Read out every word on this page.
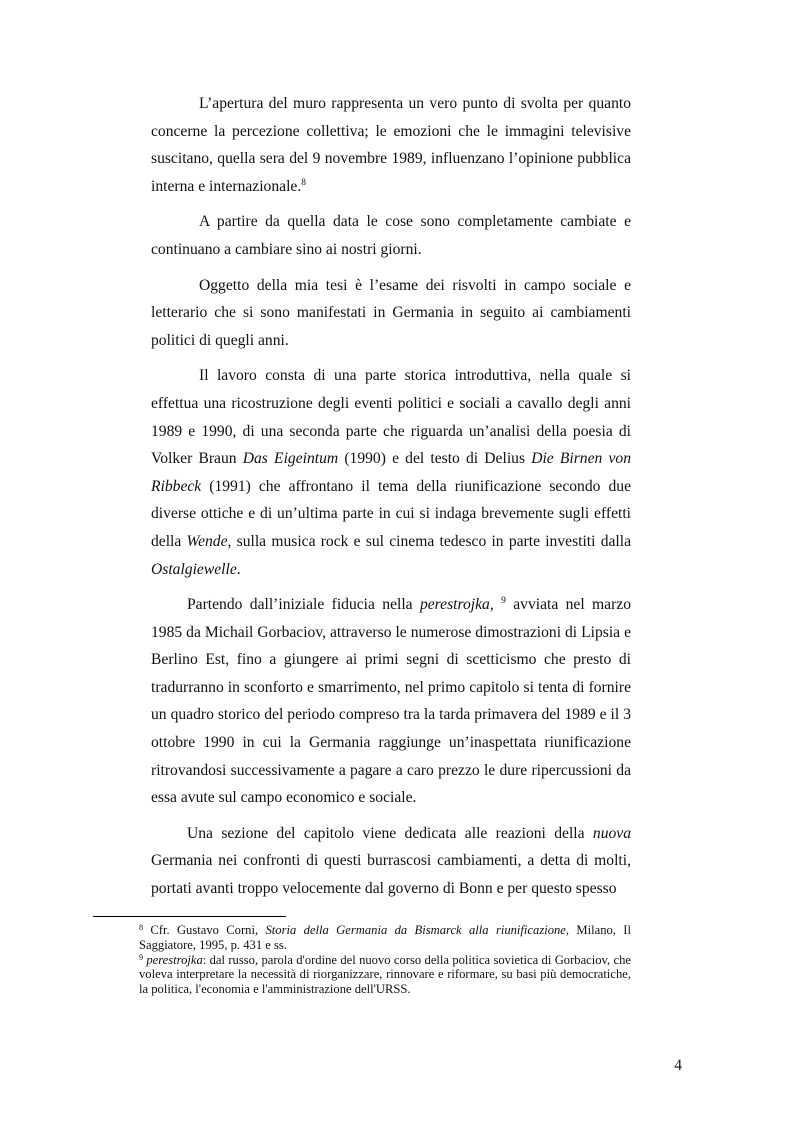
L’apertura del muro rappresenta un vero punto di svolta per quanto concerne la percezione collettiva; le emozioni che le immagini televisive suscitano, quella sera del 9 novembre 1989, influenzano l’opinione pubblica interna e internazionale.$^8$

A partire da quella data le cose sono completamente cambiate e continuano a cambiare sino ai nostri giorni.

Oggetto della mia tesi è l’esame dei risvolti in campo sociale e letterario che si sono manifestati in Germania in seguito ai cambiamenti politici di quegli anni.

Il lavoro consta di una parte storica introduttiva, nella quale si effettua una ricostruzione degli eventi politici e sociali a cavallo degli anni 1989 e 1990, di una seconda parte che riguarda un’analisi della poesia di Volker Braun Das Eigeintum (1990) e del testo di Delius Die Birnen von Ribbeck (1991) che affrontano il tema della riunificazione secondo due diverse ottiche e di un’ultima parte in cui si indaga brevemente sugli effetti della Wende, sulla musica rock e sul cinema tedesco in parte investiti dalla Ostalgiewelle.

Partendo dall’iniziale fiducia nella perestrojka, $^9$ avviata nel marzo 1985 da Michail Gorbaciov, attraverso le numerose dimostrazioni di Lipsia e Berlino Est, fino a giungere ai primi segni di scetticismo che presto di tradurranno in sconforto e smarrimento, nel primo capitolo si tenta di fornire un quadro storico del periodo compreso tra la tarda primavera del 1989 e il 3 ottobre 1990 in cui la Germania raggiunge un’inaspettata riunificazione ritrovandosi successivamente a pagare a caro prezzo le dure ripercussioni da essa avute sul campo economico e sociale.

Una sezione del capitolo viene dedicata alle reazioni della nuova Germania nei confronti di questi burrascosi cambiamenti, a detta di molti, portati avanti troppo velocemente dal governo di Bonn e per questo spesso

$^8$ Cfr. Gustavo Corni, Storia della Germania da Bismarck alla riunificazione, Milano, Il Saggiatore, 1995, p. 431 e ss.

$^9$ perestrojka: dal russo, parola d'ordine del nuovo corso della politica sovietica di Gorbaciov, che voleva interpretare la necessità di riorganizzare, rinnovare e riformare, su basi più democratiche, la politica, l'economia e l'amministrazione dell'URSS.

4
